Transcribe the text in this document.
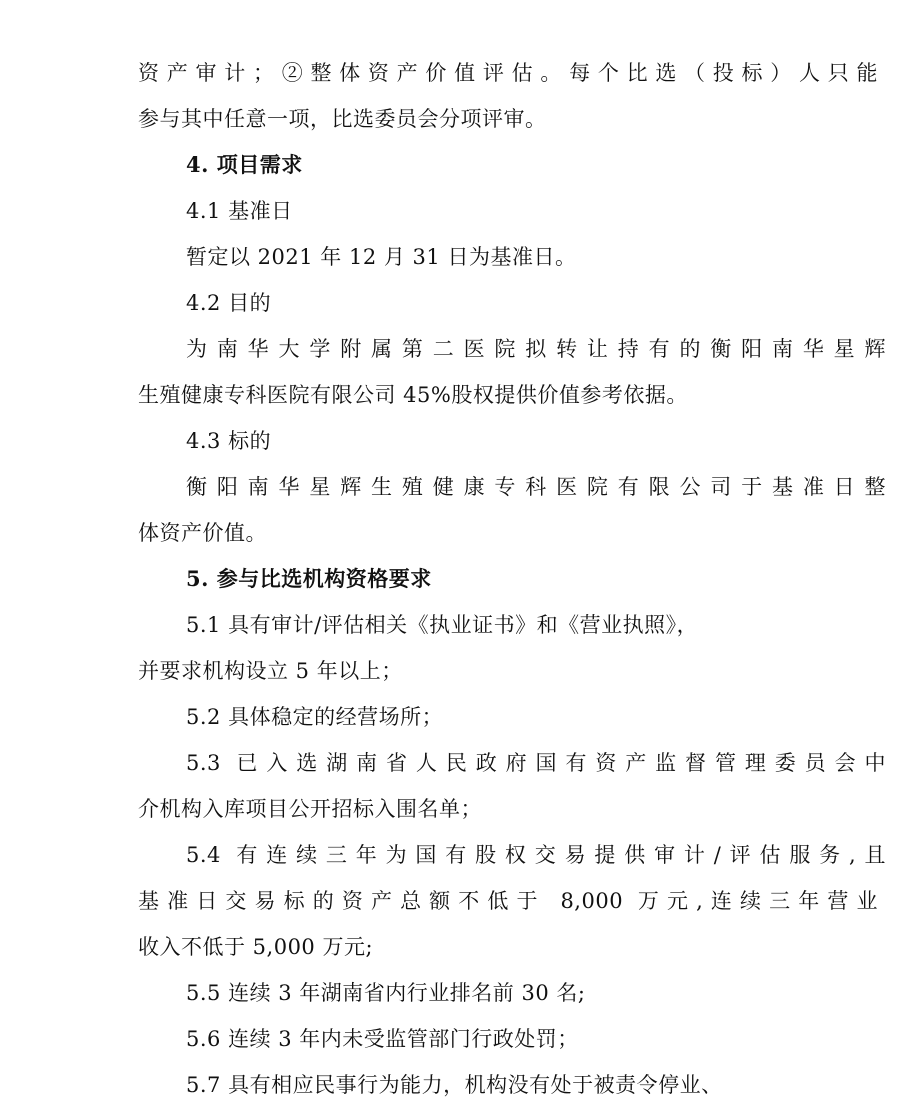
资产审计；②整体资产价值评估。每个比选（投标）人只能
参与其中任意一项，比选委员会分项评审。
4. 项目需求
4.1 基准日
暂定以 2021 年 12 月 31 日为基准日。
4.2 目的
为南华大学附属第二医院拟转让持有的衡阳南华星辉
生殖健康专科医院有限公司 45%股权提供价值参考依据。
4.3 标的
衡阳南华星辉生殖健康专科医院有限公司于基准日整
体资产价值。
5. 参与比选机构资格要求
5.1 具有审计/评估相关《执业证书》和《营业执照》，
并要求机构设立 5 年以上；
5.2 具体稳定的经营场所；
5.3 已入选湖南省人民政府国有资产监督管理委员会中
介机构入库项目公开招标入围名单；
5.4 有连续三年为国有股权交易提供审计/评估服务,且
基准日交易标的资产总额不低于 8,000 万元,连续三年营业
收入不低于 5,000 万元;
5.5 连续 3 年湖南省内行业排名前 30 名;
5.6 连续 3 年内未受监管部门行政处罚；
5.7 具有相应民事行为能力，机构没有处于被责令停业、
